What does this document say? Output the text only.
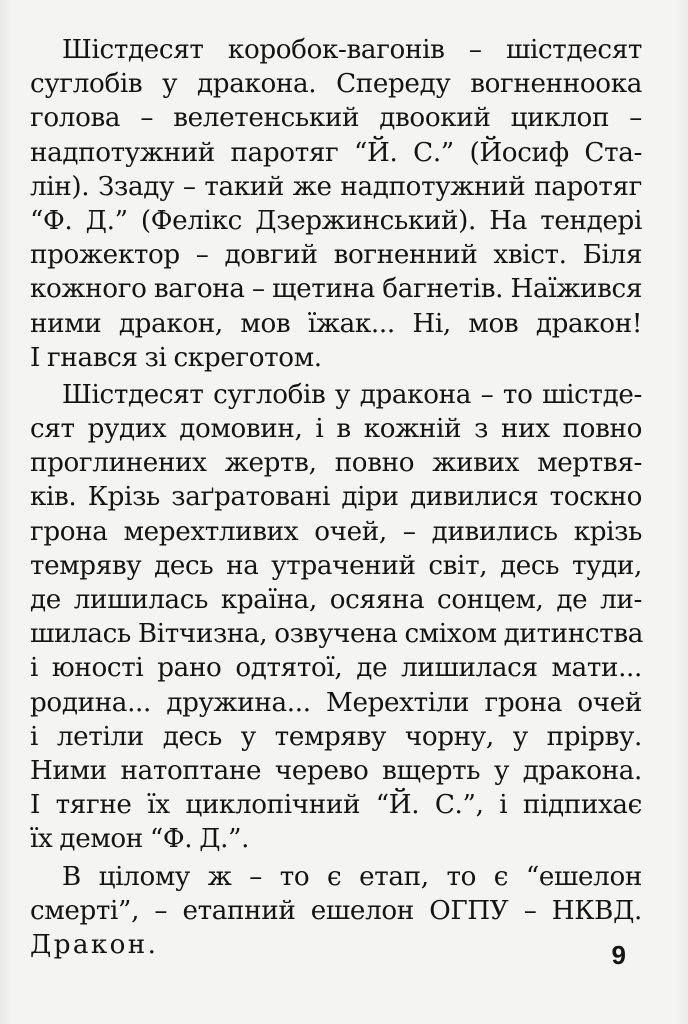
Шістдесят коробок-вагонів – шістдесят
суглобів у дракона. Спереду вогненноока
голова – велетенський двоокий циклоп –
надпотужний паротяг “Й. С.” (Йосиф Ста-
лін). Ззаду – такий же надпотужний паротяг
“Ф. Д.” (Фелікс Дзержинський). На тендері
прожектор – довгий вогненний хвіст. Біля
кожного вагона – щетина багнетів. Наїжився
ними дракон, мов їжак... Ні, мов дракон!
І гнався зі скреготом.
Шістдесят суглобів у дракона – то шістде-
сят рудих домовин, і в кожній з них повно
проглинених жертв, повно живих мертвя-
ків. Крізь заґратовані діри дивилися тоскно
грона мерехтливих очей, – дивились крізь
темряву десь на утрачений світ, десь туди,
де лишилась країна, осяяна сонцем, де ли-
шилась Вітчизна, озвучена сміхом дитинства
і юності рано одтятої, де лишилася мати...
родина... дружина... Мерехтіли грона очей
і летіли десь у темряву чорну, у прірву.
Ними натоптане черево вщерть у дракона.
І тягне їх циклопічний “Й. С.”, і підпихає
їх демон “Ф. Д.”.
В цілому ж – то є етап, то є “ешелон
смерті”, – етапний ешелон ОГПУ – НКВД.
Дракон.	9
